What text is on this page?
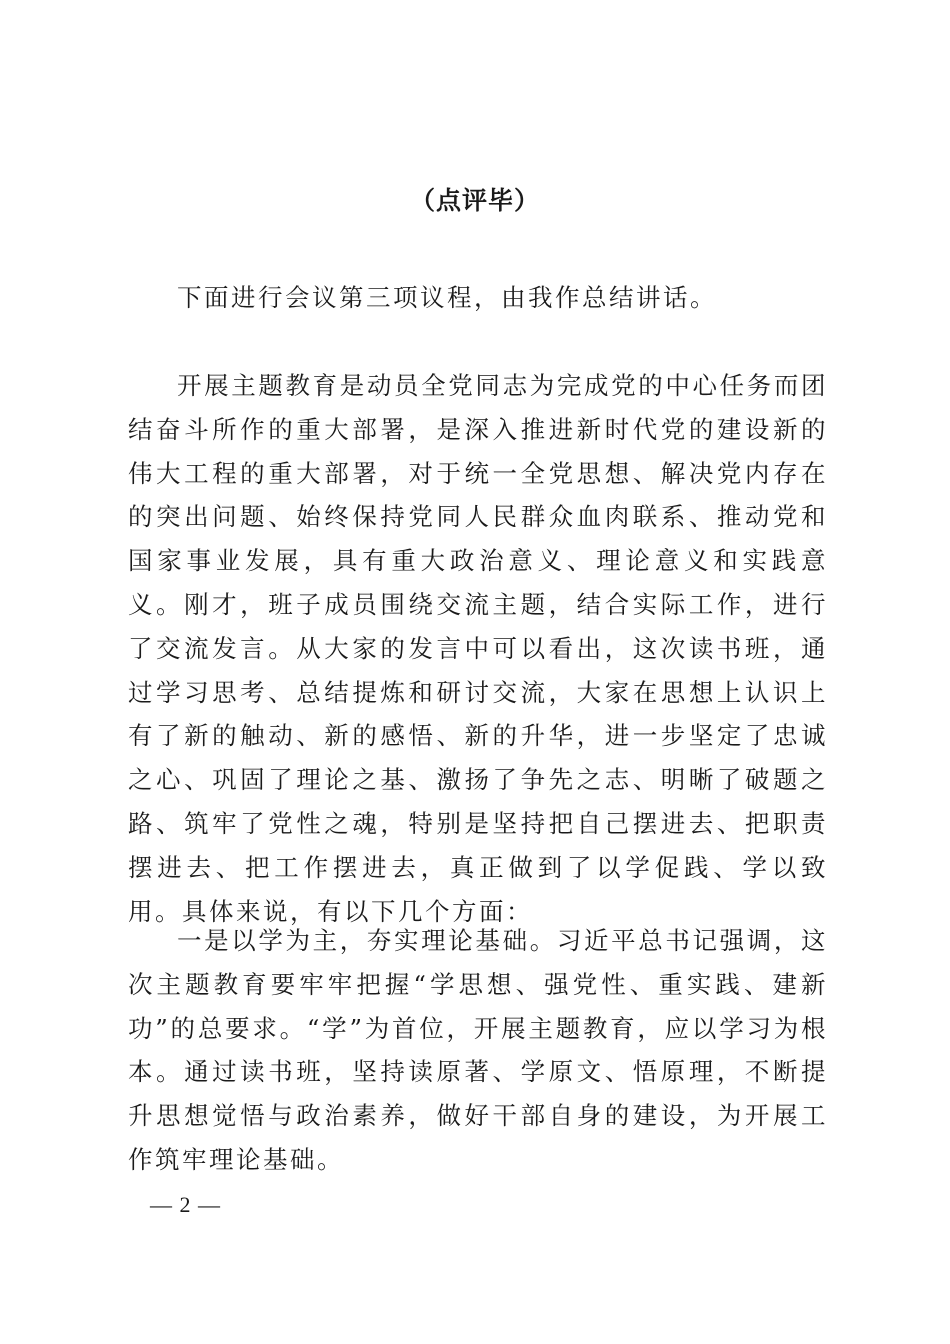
（点评毕）

下面进行会议第三项议程，由我作总结讲话。

开展主题教育是动员全党同志为完成党的中心任务而团结奋斗所作的重大部署，是深入推进新时代党的建设新的伟大工程的重大部署，对于统一全党思想、解决党内存在的突出问题、始终保持党同人民群众血肉联系、推动党和国家事业发展，具有重大政治意义、理论意义和实践意义。刚才，班子成员围绕交流主题，结合实际工作，进行了交流发言。从大家的发言中可以看出，这次读书班，通过学习思考、总结提炼和研讨交流，大家在思想上认识上有了新的触动、新的感悟、新的升华，进一步坚定了忠诚之心、巩固了理论之基、激扬了争先之志、明晰了破题之路、筑牢了党性之魂，特别是坚持把自己摆进去、把职责摆进去、把工作摆进去，真正做到了以学促践、学以致用。具体来说，有以下几个方面：

一是以学为主，夯实理论基础。习近平总书记强调，这次主题教育要牢牢把握“学思想、强党性、重实践、建新功”的总要求。“学”为首位，开展主题教育，应以学习为根本。通过读书班，坚持读原著、学原文、悟原理，不断提升思想觉悟与政治素养，做好干部自身的建设，为开展工作筑牢理论基础。

— 2 —
